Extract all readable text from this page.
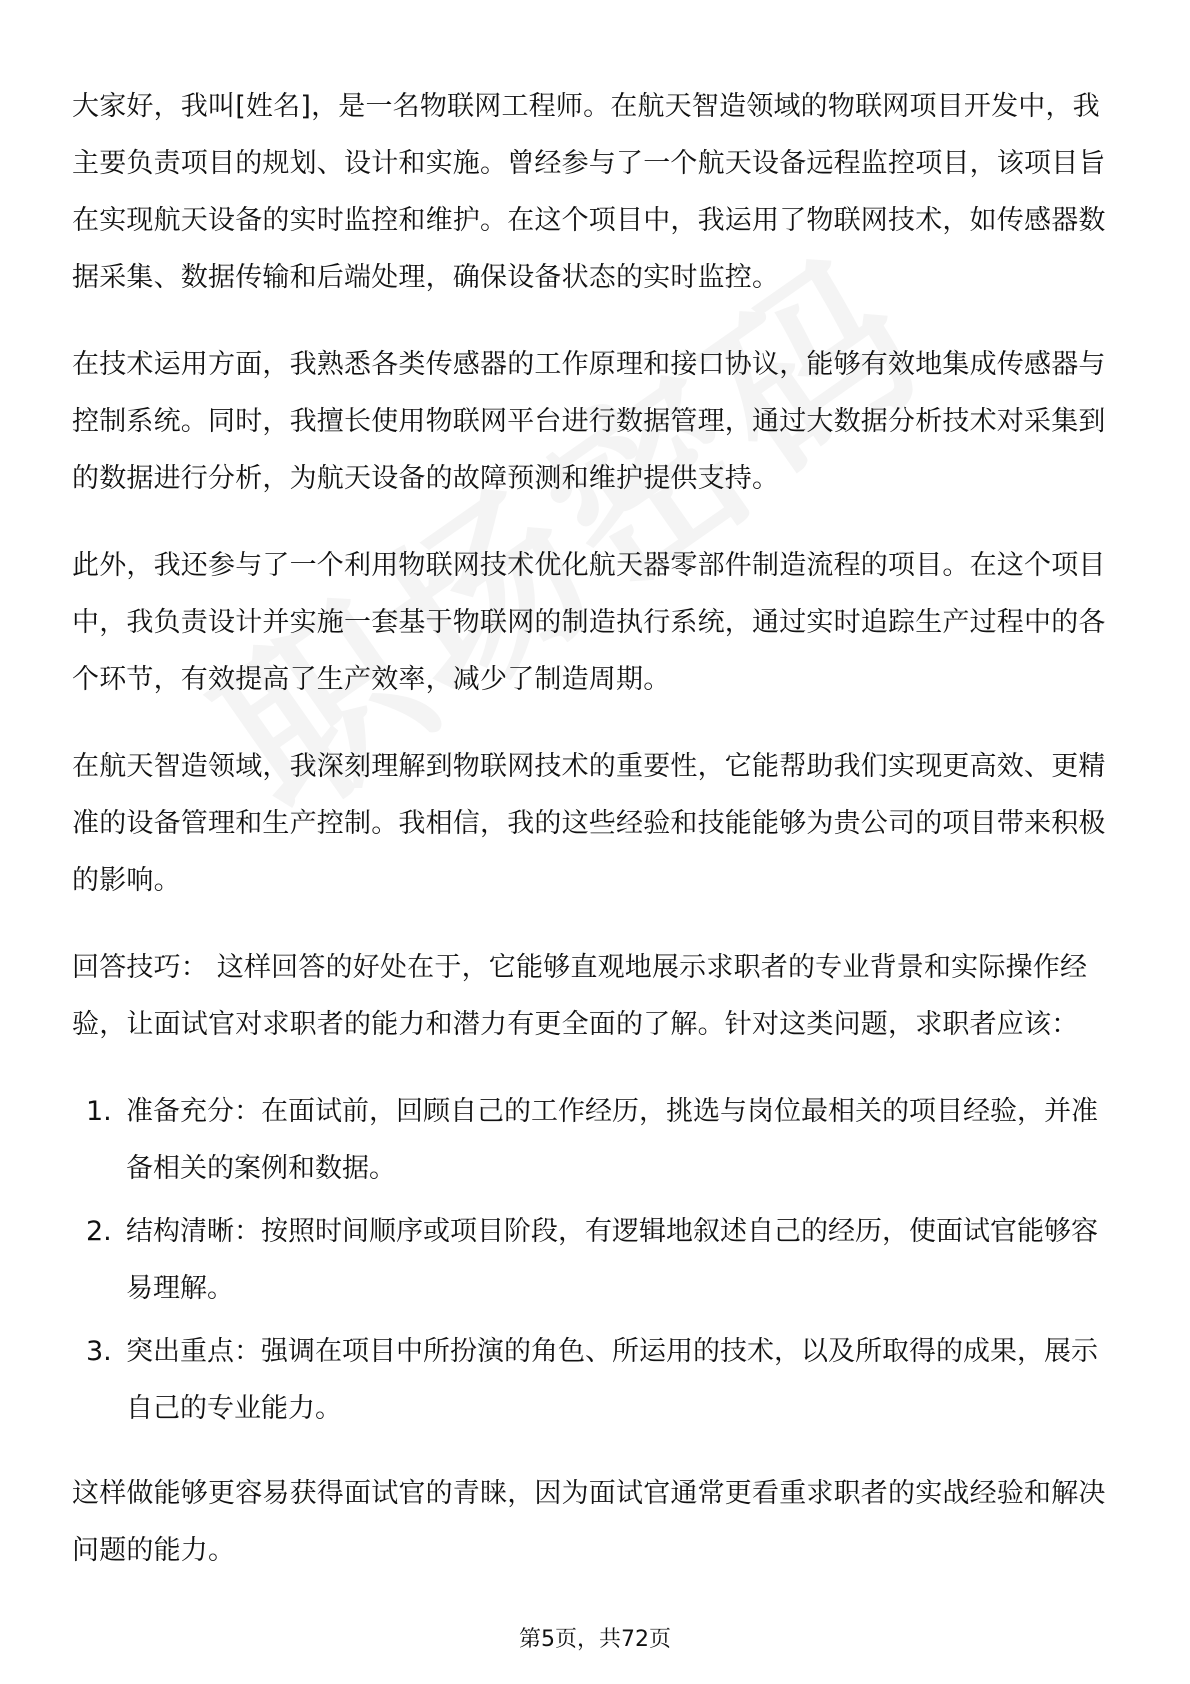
大家好，我叫[姓名]，是一名物联网工程师。在航天智造领域的物联网项目开发中，我主要负责项目的规划、设计和实施。曾经参与了一个航天设备远程监控项目，该项目旨在实现航天设备的实时监控和维护。在这个项目中，我运用了物联网技术，如传感器数据采集、数据传输和后端处理，确保设备状态的实时监控。

在技术运用方面，我熟悉各类传感器的工作原理和接口协议，能够有效地集成传感器与控制系统。同时，我擅长使用物联网平台进行数据管理，通过大数据分析技术对采集到的数据进行分析，为航天设备的故障预测和维护提供支持。

此外，我还参与了一个利用物联网技术优化航天器零部件制造流程的项目。在这个项目中，我负责设计并实施一套基于物联网的制造执行系统，通过实时追踪生产过程中的各个环节，有效提高了生产效率，减少了制造周期。

在航天智造领域，我深刻理解到物联网技术的重要性，它能帮助我们实现更高效、更精准的设备管理和生产控制。我相信，我的这些经验和技能能够为贵公司的项目带来积极的影响。

回答技巧： 这样回答的好处在于，它能够直观地展示求职者的专业背景和实际操作经验，让面试官对求职者的能力和潜力有更全面的了解。针对这类问题，求职者应该：

1. 准备充分：在面试前，回顾自己的工作经历，挑选与岗位最相关的项目经验，并准备相关的案例和数据。
2. 结构清晰：按照时间顺序或项目阶段，有逻辑地叙述自己的经历，使面试官能够容易理解。
3. 突出重点：强调在项目中所扮演的角色、所运用的技术，以及所取得的成果，展示自己的专业能力。

这样做能够更容易获得面试官的青睐，因为面试官通常更看重求职者的实战经验和解决问题的能力。

第5页，共72页
